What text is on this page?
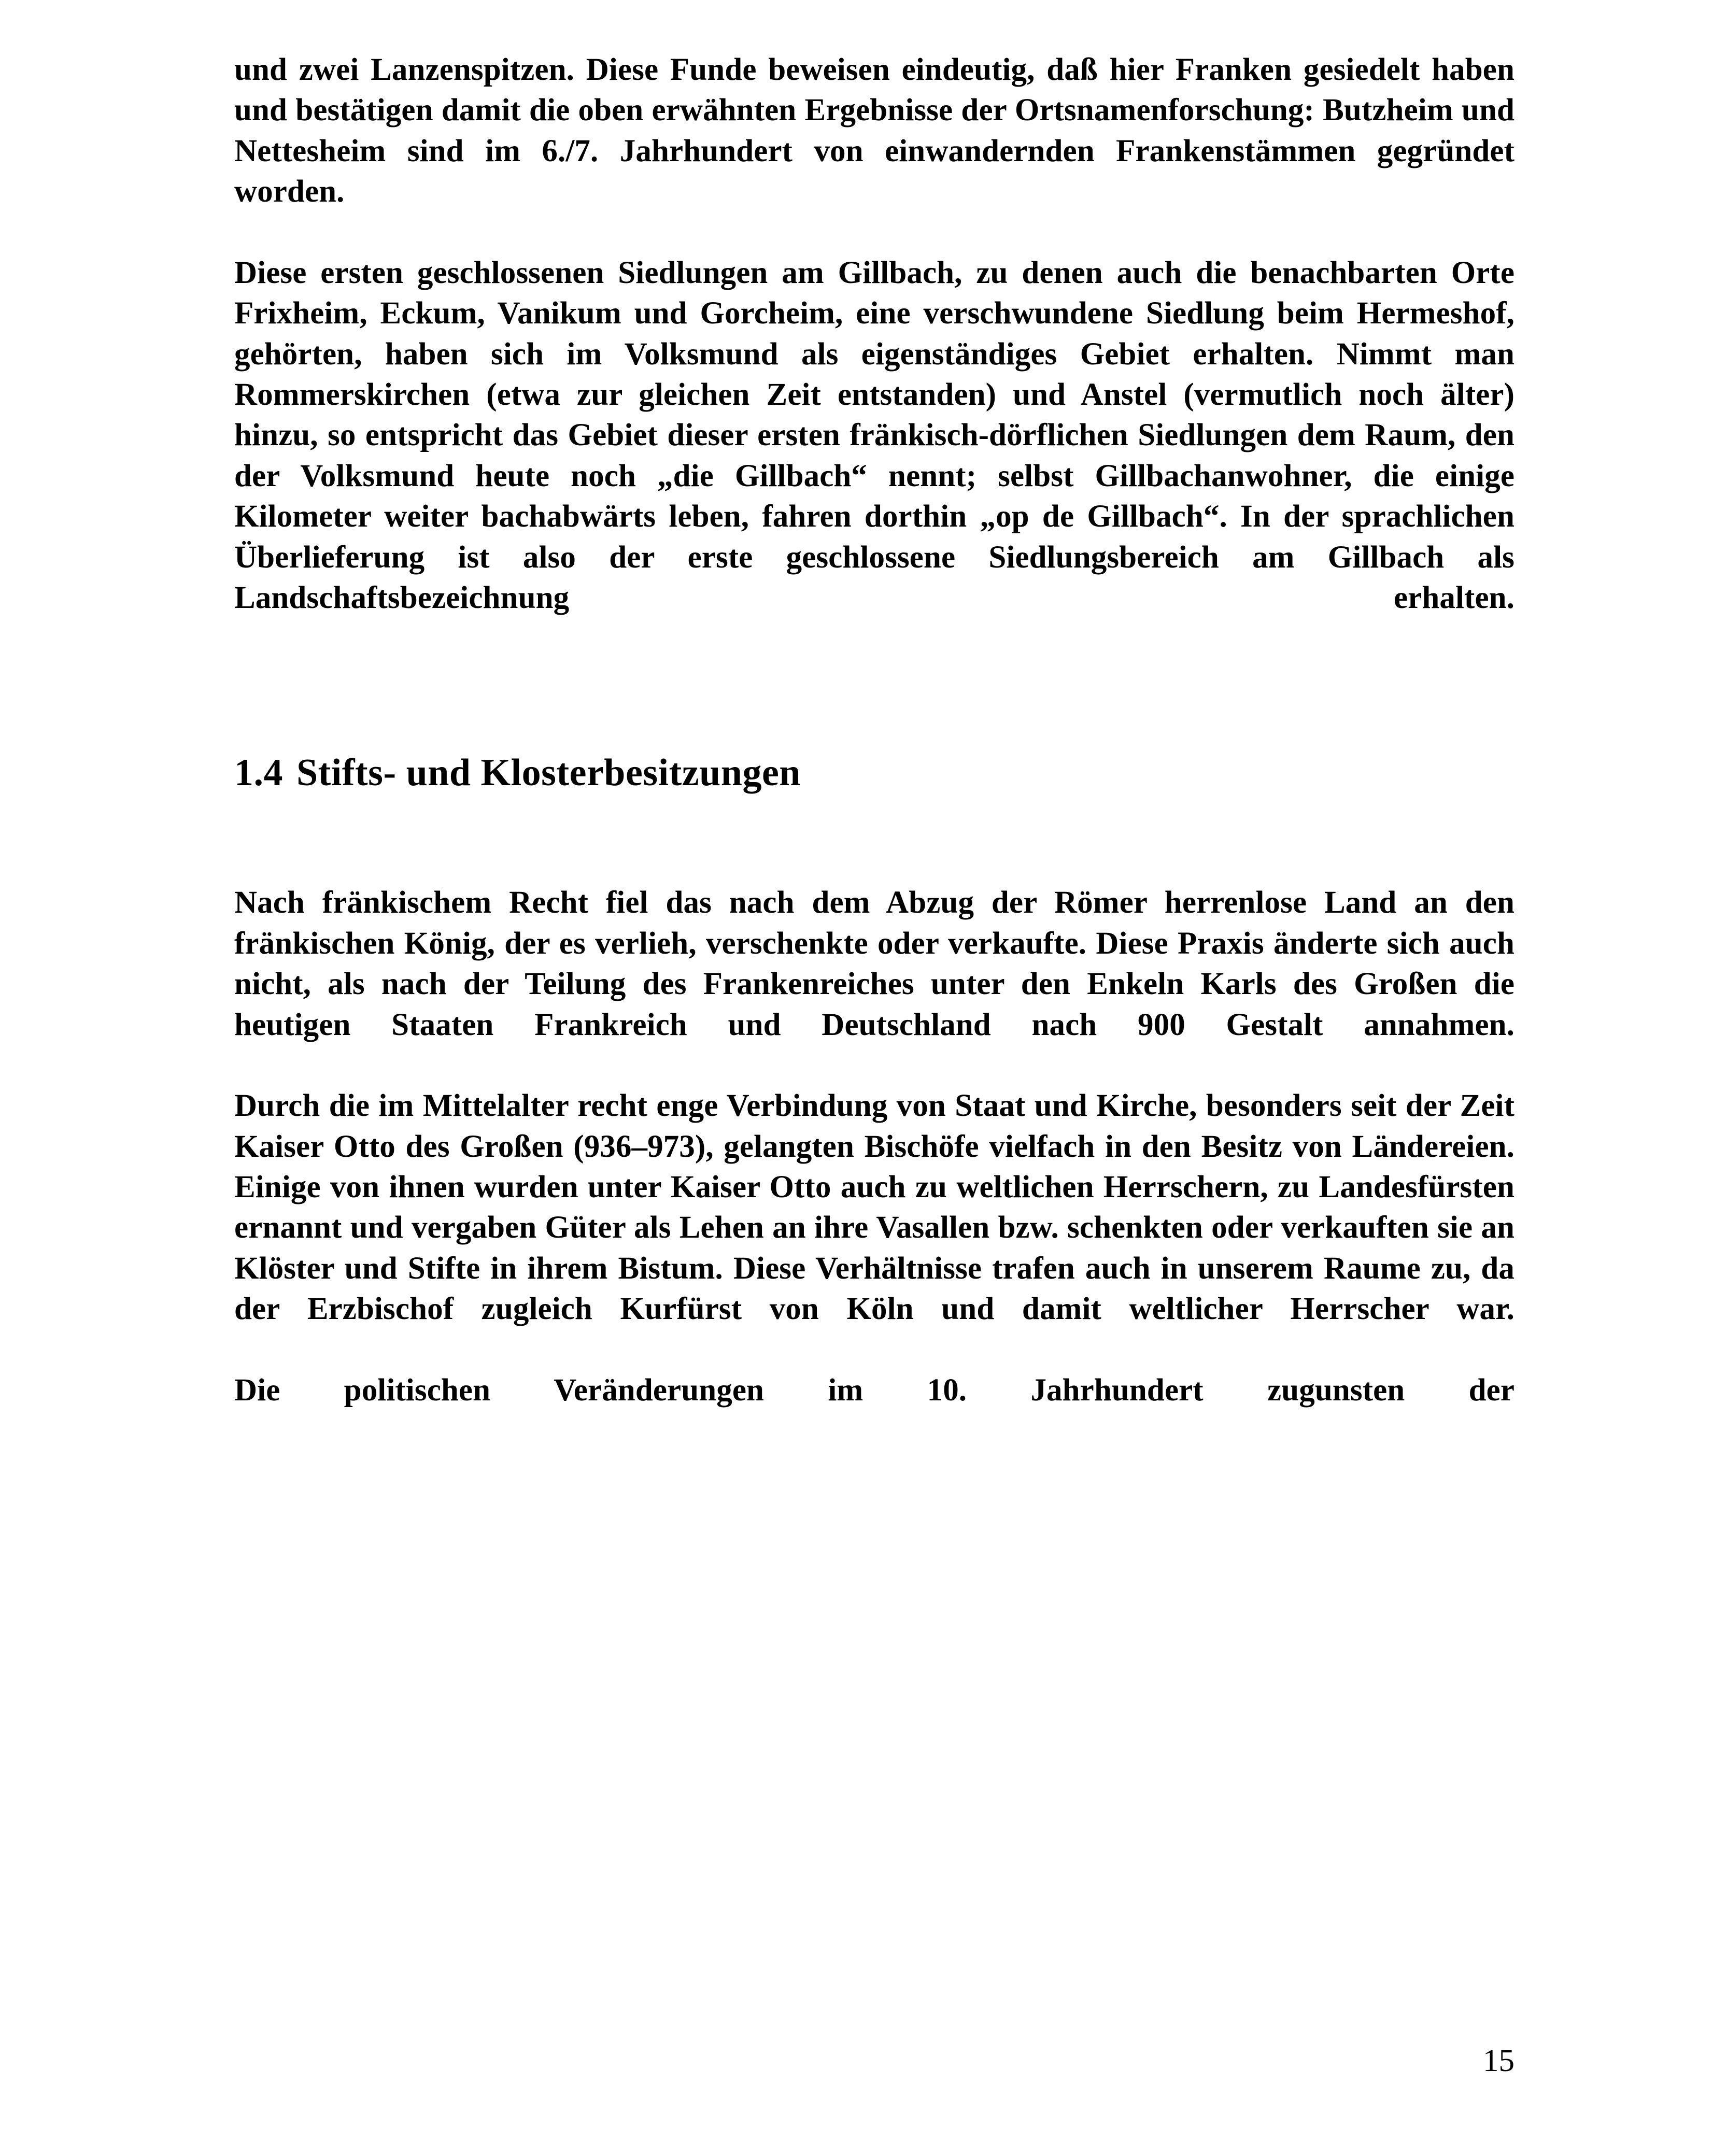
und zwei Lanzenspitzen. Diese Funde beweisen eindeutig, daß hier Franken gesiedelt haben und bestätigen damit die oben erwähnten Ergebnisse der Ortsnamenforschung: Butzheim und Nettesheim sind im 6./7. Jahrhundert von einwandernden Frankenstämmen gegründet worden.

Diese ersten geschlossenen Siedlungen am Gillbach, zu denen auch die benachbarten Orte Frixheim, Eckum, Vanikum und Gorcheim, eine verschwundene Siedlung beim Hermeshof, gehörten, haben sich im Volksmund als eigenständiges Gebiet erhalten. Nimmt man Rommerskirchen (etwa zur gleichen Zeit entstanden) und Anstel (vermutlich noch älter) hinzu, so entspricht das Gebiet dieser ersten fränkisch-dörflichen Siedlungen dem Raum, den der Volksmund heute noch „die Gillbach“ nennt; selbst Gillbachanwohner, die einige Kilometer weiter bachabwärts leben, fahren dorthin „op de Gillbach“. In der sprachlichen Überlieferung ist also der erste geschlossene Siedlungsbereich am Gillbach als Landschaftsbezeichnung erhalten.

1.4 Stifts- und Klosterbesitzungen

Nach fränkischem Recht fiel das nach dem Abzug der Römer herrenlose Land an den fränkischen König, der es verlieh, verschenkte oder verkaufte. Diese Praxis änderte sich auch nicht, als nach der Teilung des Frankenreiches unter den Enkeln Karls des Großen die heutigen Staaten Frankreich und Deutschland nach 900 Gestalt annahmen.

Durch die im Mittelalter recht enge Verbindung von Staat und Kirche, besonders seit der Zeit Kaiser Otto des Großen (936–973), gelangten Bischöfe vielfach in den Besitz von Ländereien. Einige von ihnen wurden unter Kaiser Otto auch zu weltlichen Herrschern, zu Landesfürsten ernannt und vergaben Güter als Lehen an ihre Vasallen bzw. schenkten oder verkauften sie an Klöster und Stifte in ihrem Bistum. Diese Verhältnisse trafen auch in unserem Raume zu, da der Erzbischof zugleich Kurfürst von Köln und damit weltlicher Herrscher war.

Die politischen Veränderungen im 10. Jahrhundert zugunsten der

15
